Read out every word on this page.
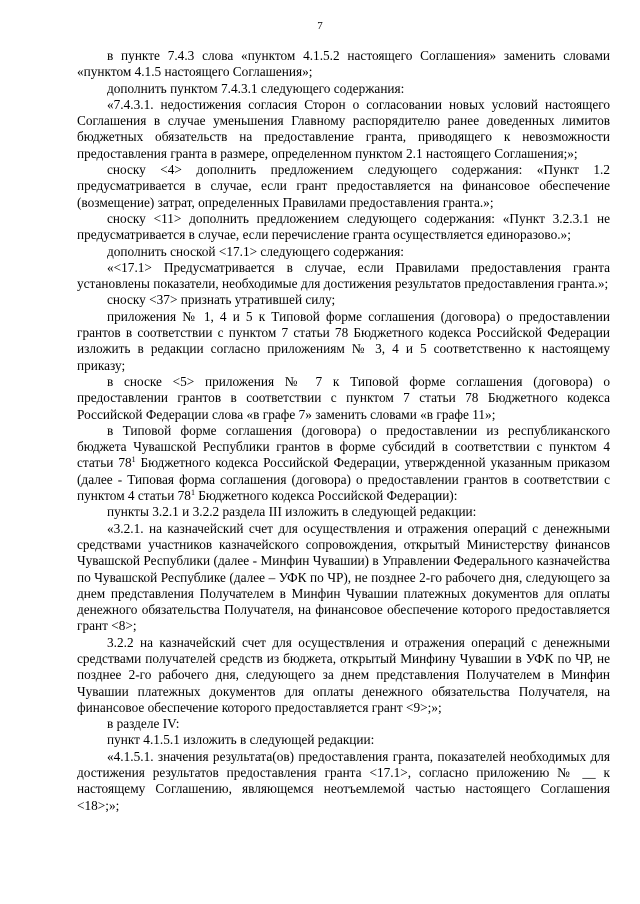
7

в пункте 7.4.3 слова «пунктом 4.1.5.2 настоящего Соглашения» заменить словами «пунктом 4.1.5 настоящего Соглашения»;

дополнить пунктом 7.4.3.1 следующего содержания:

«7.4.3.1. недостижения согласия Сторон о согласовании новых условий настоящего Соглашения в случае уменьшения Главному распорядителю ранее доведенных лимитов бюджетных обязательств на предоставление гранта, приводящего к невозможности предоставления гранта в размере, определенном пунктом 2.1 настоящего Соглашения;»;

сноску <4> дополнить предложением следующего содержания: «Пункт 1.2 предусматривается в случае, если грант предоставляется на финансовое обеспечение (возмещение) затрат, определенных Правилами предоставления гранта.»;

сноску <11> дополнить предложением следующего содержания: «Пункт 3.2.3.1 не предусматривается в случае, если перечисление гранта осуществляется единоразово.»;

дополнить сноской <17.1> следующего содержания:

«<17.1> Предусматривается в случае, если Правилами предоставления гранта установлены показатели, необходимые для достижения результатов предоставления гранта.»;

сноску <37> признать утратившей силу;

приложения № 1, 4 и 5 к Типовой форме соглашения (договора) о предоставлении грантов в соответствии с пунктом 7 статьи 78 Бюджетного кодекса Российской Федерации изложить в редакции согласно приложениям № 3, 4 и 5 соответственно к настоящему приказу;

в сноске <5> приложения № 7 к Типовой форме соглашения (договора) о предоставлении грантов в соответствии с пунктом 7 статьи 78 Бюджетного кодекса Российской Федерации слова «в графе 7» заменить словами «в графе 11»;

в Типовой форме соглашения (договора) о предоставлении из республиканского бюджета Чувашской Республики грантов в форме субсидий в соответствии с пунктом 4 статьи $78^1$ Бюджетного кодекса Российской Федерации, утвержденной указанным приказом (далее - Типовая форма соглашения (договора) о предоставлении грантов в соответствии с пунктом 4 статьи $78^1$ Бюджетного кодекса Российской Федерации):

пункты 3.2.1 и 3.2.2 раздела III изложить в следующей редакции:

«3.2.1. на казначейский счет для осуществления и отражения операций с денежными средствами участников казначейского сопровождения, открытый Министерству финансов Чувашской Республики (далее - Минфин Чувашии) в Управлении Федерального казначейства по Чувашской Республике (далее – УФК по ЧР), не позднее 2-го рабочего дня, следующего за днем представления Получателем в Минфин Чувашии платежных документов для оплаты денежного обязательства Получателя, на финансовое обеспечение которого предоставляется грант <8>;

3.2.2 на казначейский счет для осуществления и отражения операций с денежными средствами получателей средств из бюджета, открытый Минфину Чувашии в УФК по ЧР, не позднее 2-го рабочего дня, следующего за днем представления Получателем в Минфин Чувашии платежных документов для оплаты денежного обязательства Получателя, на финансовое обеспечение которого предоставляется грант <9>;»;

в разделе IV:

пункт 4.1.5.1 изложить в следующей редакции:

«4.1.5.1. значения результата(ов) предоставления гранта, показателей необходимых для достижения результатов предоставления гранта <17.1>, согласно приложению № __ к настоящему Соглашению, являющемся неотъемлемой частью настоящего Соглашения <18>;»;
